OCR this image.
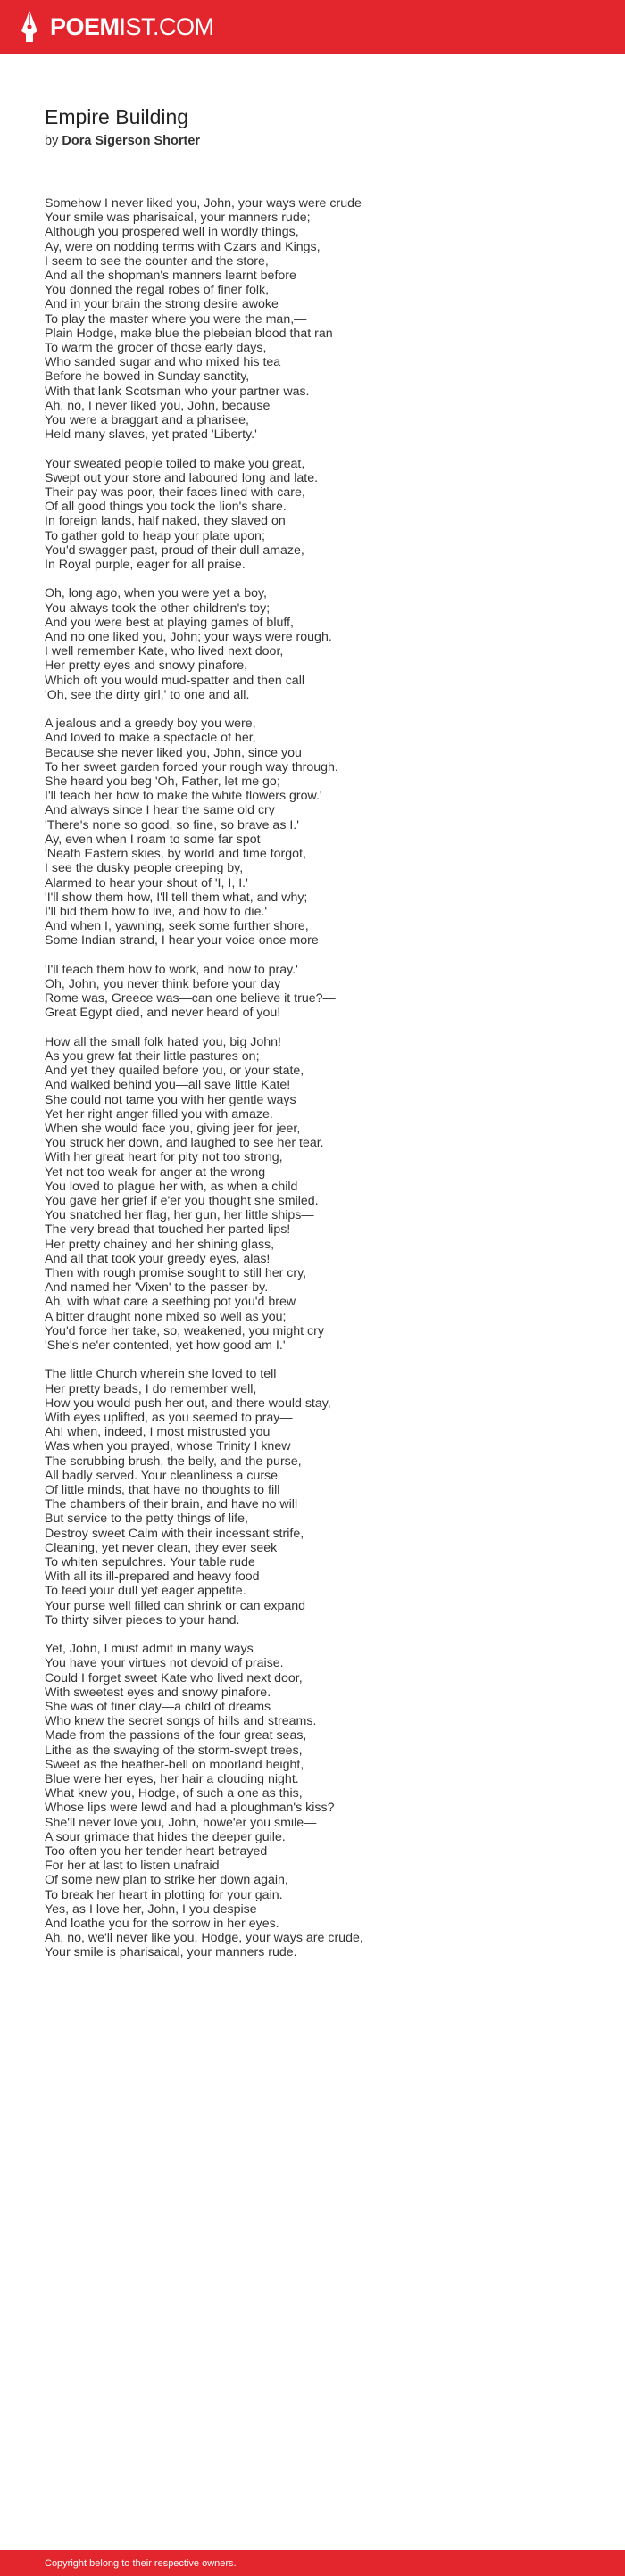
POEMIST.COM
Empire Building
by Dora Sigerson Shorter
Somehow I never liked you, John, your ways were crude
Your smile was pharisaical, your manners rude;
Although you prospered well in wordly things,
Ay, were on nodding terms with Czars and Kings,
I seem to see the counter and the store,
And all the shopman's manners learnt before
You donned the regal robes of finer folk,
And in your brain the strong desire awoke
To play the master where you were the man,—
Plain Hodge, make blue the plebeian blood that ran
To warm the grocer of those early days,
Who sanded sugar and who mixed his tea
Before he bowed in Sunday sanctity,
With that lank Scotsman who your partner was.
Ah, no, I never liked you, John, because
You were a braggart and a pharisee,
Held many slaves, yet prated 'Liberty.'
Your sweated people toiled to make you great,
Swept out your store and laboured long and late.
Their pay was poor, their faces lined with care,
Of all good things you took the lion's share.
In foreign lands, half naked, they slaved on
To gather gold to heap your plate upon;
You'd swagger past, proud of their dull amaze,
In Royal purple, eager for all praise.
Oh, long ago, when you were yet a boy,
You always took the other children's toy;
And you were best at playing games of bluff,
And no one liked you, John; your ways were rough.
I well remember Kate, who lived next door,
Her pretty eyes and snowy pinafore,
Which oft you would mud-spatter and then call
'Oh, see the dirty girl,' to one and all.
A jealous and a greedy boy you were,
And loved to make a spectacle of her,
Because she never liked you, John, since you
To her sweet garden forced your rough way through.
She heard you beg 'Oh, Father, let me go;
I'll teach her how to make the white flowers grow.'
And always since I hear the same old cry
'There's none so good, so fine, so brave as I.'
Ay, even when I roam to some far spot
'Neath Eastern skies, by world and time forgot,
I see the dusky people creeping by,
Alarmed to hear your shout of 'I, I, I.'
'I'll show them how, I'll tell them what, and why;
I'll bid them how to live, and how to die.'
And when I, yawning, seek some further shore,
Some Indian strand, I hear your voice once more
'I'll teach them how to work, and how to pray.'
Oh, John, you never think before your day
Rome was, Greece was—can one believe it true?—
Great Egypt died, and never heard of you!
How all the small folk hated you, big John!
As you grew fat their little pastures on;
And yet they quailed before you, or your state,
And walked behind you—all save little Kate!
She could not tame you with her gentle ways
Yet her right anger filled you with amaze.
When she would face you, giving jeer for jeer,
You struck her down, and laughed to see her tear.
With her great heart for pity not too strong,
Yet not too weak for anger at the wrong
You loved to plague her with, as when a child
You gave her grief if e'er you thought she smiled.
You snatched her flag, her gun, her little ships—
The very bread that touched her parted lips!
Her pretty chainey and her shining glass,
And all that took your greedy eyes, alas!
Then with rough promise sought to still her cry,
And named her 'Vixen' to the passer-by.
Ah, with what care a seething pot you'd brew
A bitter draught none mixed so well as you;
You'd force her take, so, weakened, you might cry
'She's ne'er contented, yet how good am I.'
The little Church wherein she loved to tell
Her pretty beads, I do remember well,
How you would push her out, and there would stay,
With eyes uplifted, as you seemed to pray—
Ah! when, indeed, I most mistrusted you
Was when you prayed, whose Trinity I knew
The scrubbing brush, the belly, and the purse,
All badly served. Your cleanliness a curse
Of little minds, that have no thoughts to fill
The chambers of their brain, and have no will
But service to the petty things of life,
Destroy sweet Calm with their incessant strife,
Cleaning, yet never clean, they ever seek
To whiten sepulchres. Your table rude
With all its ill-prepared and heavy food
To feed your dull yet eager appetite.
Your purse well filled can shrink or can expand
To thirty silver pieces to your hand.
Yet, John, I must admit in many ways
You have your virtues not devoid of praise.
Could I forget sweet Kate who lived next door,
With sweetest eyes and snowy pinafore.
She was of finer clay—a child of dreams
Who knew the secret songs of hills and streams.
Made from the passions of the four great seas,
Lithe as the swaying of the storm-swept trees,
Sweet as the heather-bell on moorland height,
Blue were her eyes, her hair a clouding night.
What knew you, Hodge, of such a one as this,
Whose lips were lewd and had a ploughman's kiss?
She'll never love you, John, howe'er you smile—
A sour grimace that hides the deeper guile.
Too often you her tender heart betrayed
For her at last to listen unafraid
Of some new plan to strike her down again,
To break her heart in plotting for your gain.
Yes, as I love her, John, I you despise
And loathe you for the sorrow in her eyes.
Ah, no, we'll never like you, Hodge, your ways are crude,
Your smile is pharisaical, your manners rude.
Copyright belong to their respective owners.
